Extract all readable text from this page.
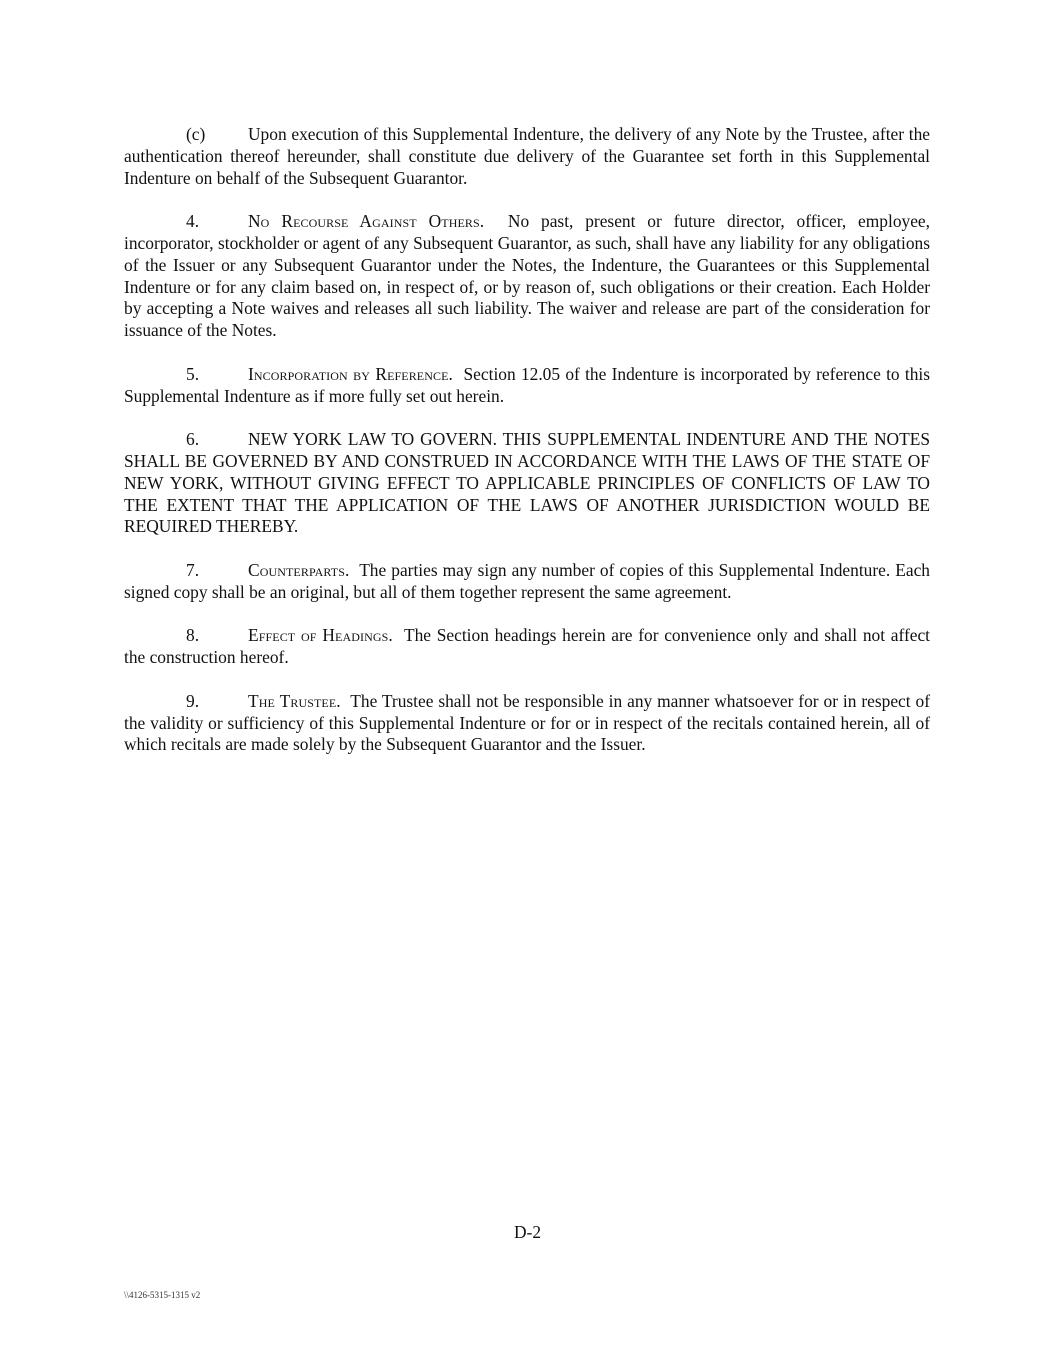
(c) Upon execution of this Supplemental Indenture, the delivery of any Note by the Trustee, after the authentication thereof hereunder, shall constitute due delivery of the Guarantee set forth in this Supplemental Indenture on behalf of the Subsequent Guarantor.

4.	No Recourse Against Others. No past, present or future director, officer, employee, incorporator, stockholder or agent of any Subsequent Guarantor, as such, shall have any liability for any obligations of the Issuer or any Subsequent Guarantor under the Notes, the Indenture, the Guarantees or this Supplemental Indenture or for any claim based on, in respect of, or by reason of, such obligations or their creation. Each Holder by accepting a Note waives and releases all such liability. The waiver and release are part of the consideration for issuance of the Notes.

5.	Incorporation by Reference. Section 12.05 of the Indenture is incorporated by reference to this Supplemental Indenture as if more fully set out herein.

6.	NEW YORK LAW TO GOVERN. THIS SUPPLEMENTAL INDENTURE AND THE NOTES SHALL BE GOVERNED BY AND CONSTRUED IN ACCORDANCE WITH THE LAWS OF THE STATE OF NEW YORK, WITHOUT GIVING EFFECT TO APPLICABLE PRINCIPLES OF CONFLICTS OF LAW TO THE EXTENT THAT THE APPLICATION OF THE LAWS OF ANOTHER JURISDICTION WOULD BE REQUIRED THEREBY.

7.	Counterparts. The parties may sign any number of copies of this Supplemental Indenture. Each signed copy shall be an original, but all of them together represent the same agreement.

8.	Effect of Headings. The Section headings herein are for convenience only and shall not affect the construction hereof.

9.	The Trustee. The Trustee shall not be responsible in any manner whatsoever for or in respect of the validity or sufficiency of this Supplemental Indenture or for or in respect of the recitals contained herein, all of which recitals are made solely by the Subsequent Guarantor and the Issuer.

D-2
\\4126-5315-1315 v2
